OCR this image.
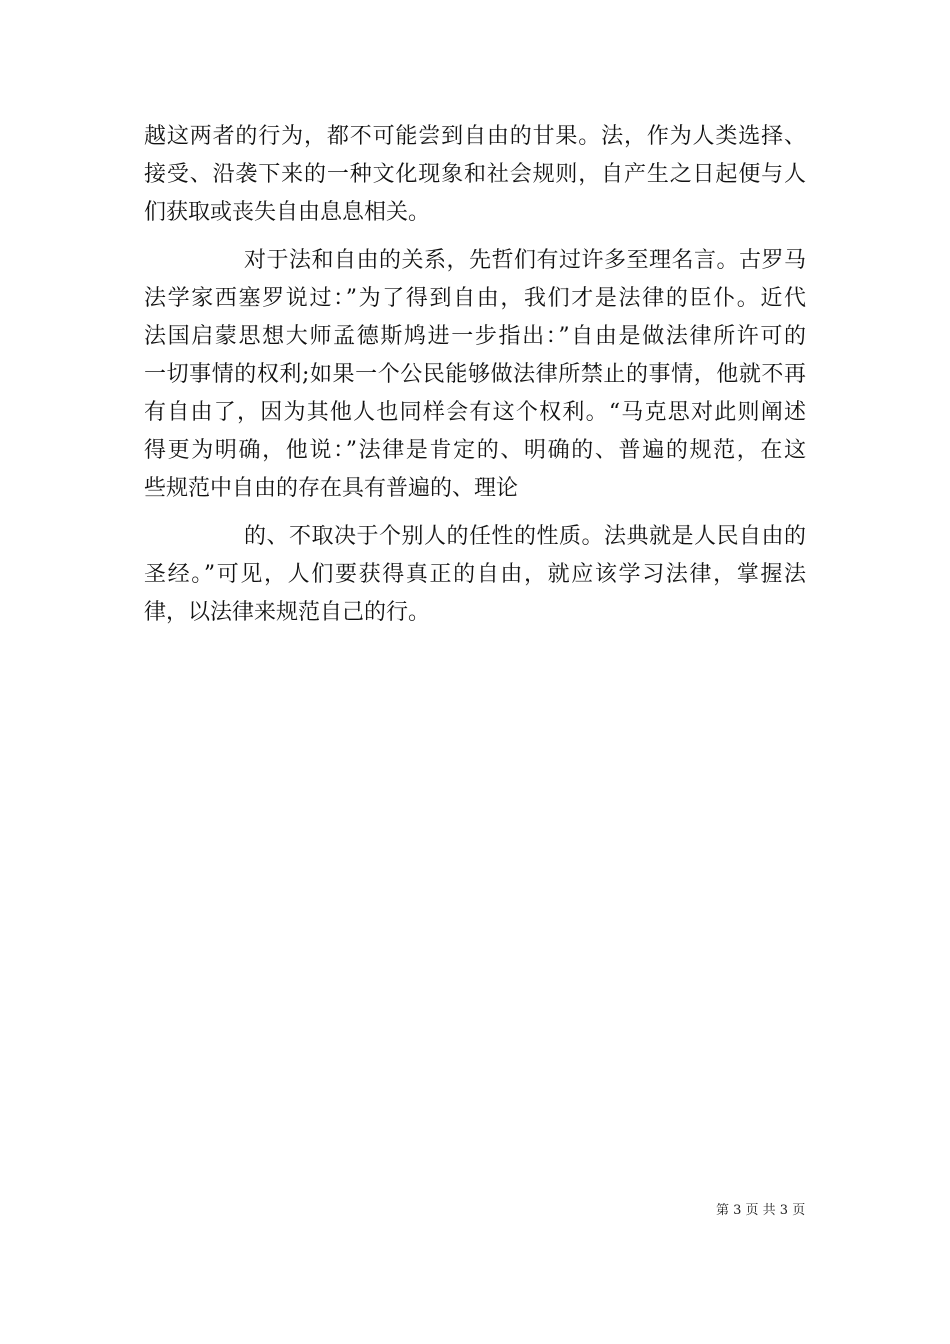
越这两者的行为，都不可能尝到自由的甘果。法，作为人类选择、
接受、沿袭下来的一种文化现象和社会规则，自产生之日起便与人
们获取或丧失自由息息相关。
对于法和自由的关系，先哲们有过许多至理名言。古罗马
法学家西塞罗说过：”为了得到自由，我们才是法律的臣仆。近代
法国启蒙思想大师孟德斯鸠进一步指出：”自由是做法律所许可的
一切事情的权利;如果一个公民能够做法律所禁止的事情，他就不再
有自由了，因为其他人也同样会有这个权利。“马克思对此则阐述
得更为明确，他说：”法律是肯定的、明确的、普遍的规范，在这
些规范中自由的存在具有普遍的、理论
的、不取决于个别人的任性的性质。法典就是人民自由的
圣经。”可见，人们要获得真正的自由，就应该学习法律，掌握法
律，以法律来规范自己的行。
第 3 页 共 3 页
